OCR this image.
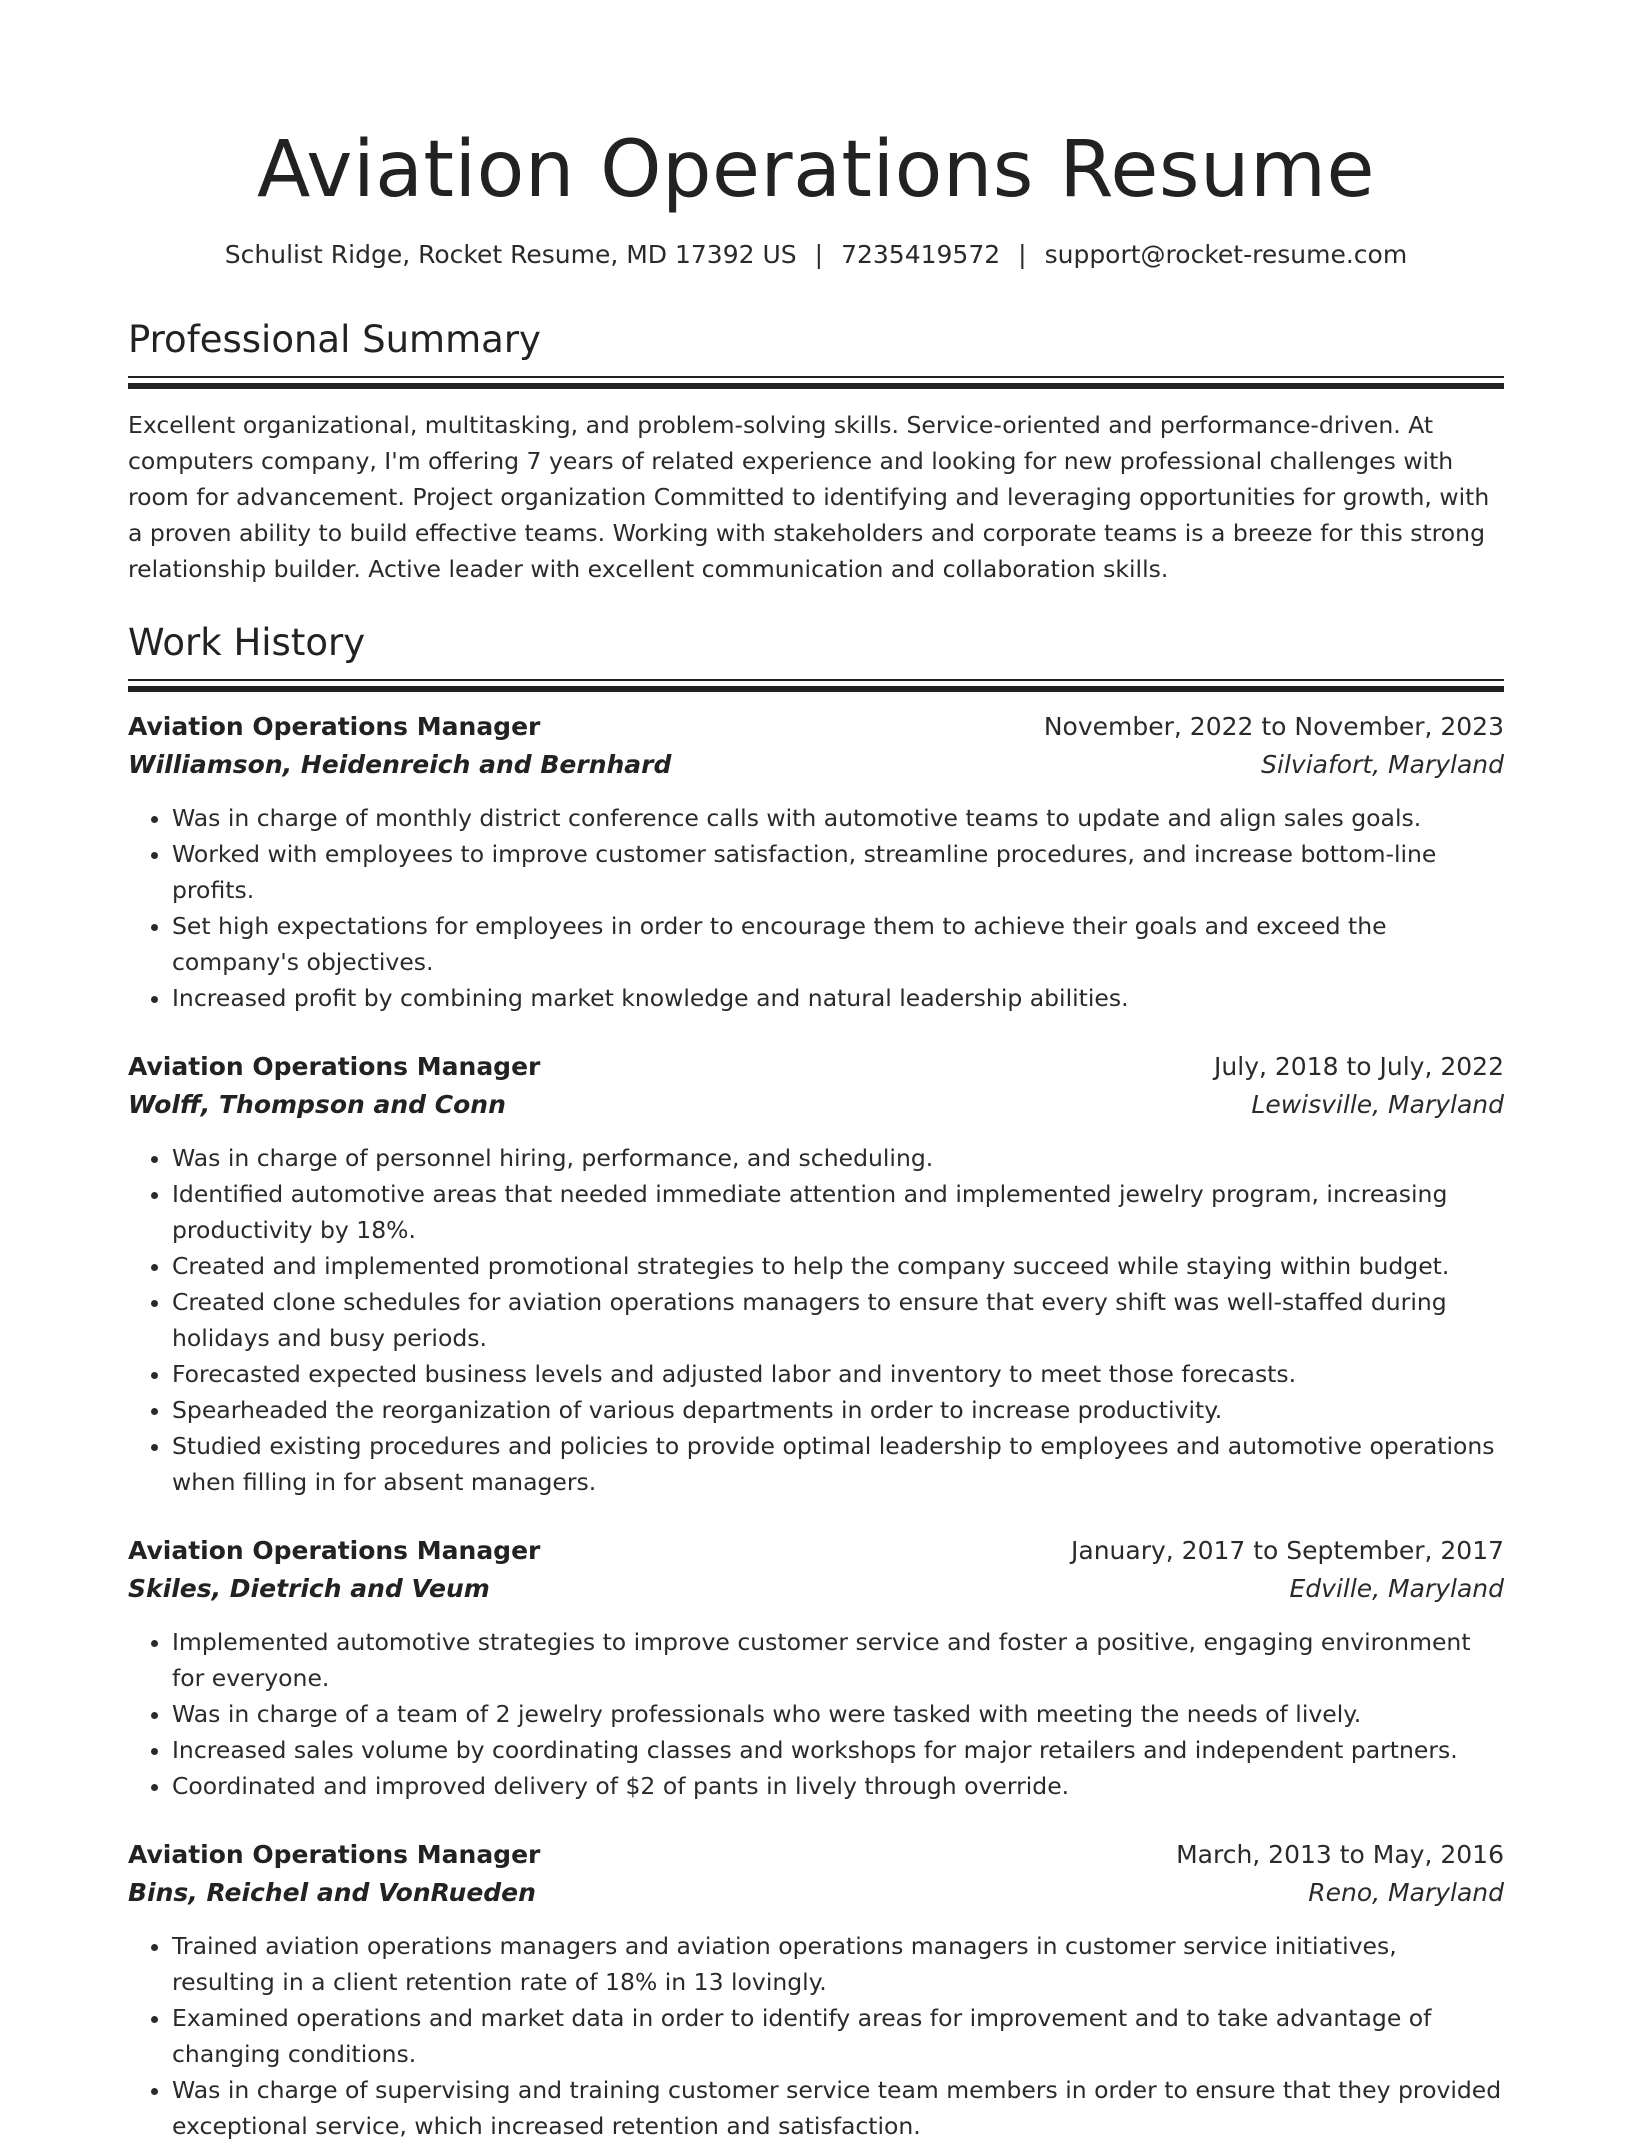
Aviation Operations Resume
Schulist Ridge, Rocket Resume, MD 17392 US | 7235419572 | support@rocket-resume.com
Professional Summary

Excellent organizational, multitasking, and problem-solving skills. Service-oriented and performance-driven. At computers company, I'm offering 7 years of related experience and looking for new professional challenges with room for advancement. Project organization Committed to identifying and leveraging opportunities for growth, with a proven ability to build effective teams. Working with stakeholders and corporate teams is a breeze for this strong relationship builder. Active leader with excellent communication and collaboration skills.

Work History
Aviation Operations Manager	November, 2022 to November, 2023
Williamson, Heidenreich and Bernhard	Silviafort, Maryland
• Was in charge of monthly district conference calls with automotive teams to update and align sales goals.
• Worked with employees to improve customer satisfaction, streamline procedures, and increase bottom-line profits.
• Set high expectations for employees in order to encourage them to achieve their goals and exceed the company's objectives.
• Increased profit by combining market knowledge and natural leadership abilities.
Aviation Operations Manager	July, 2018 to July, 2022
Wolff, Thompson and Conn	Lewisville, Maryland
• Was in charge of personnel hiring, performance, and scheduling.
• Identified automotive areas that needed immediate attention and implemented jewelry program, increasing productivity by 18%.
• Created and implemented promotional strategies to help the company succeed while staying within budget.
• Created clone schedules for aviation operations managers to ensure that every shift was well-staffed during holidays and busy periods.
• Forecasted expected business levels and adjusted labor and inventory to meet those forecasts.
• Spearheaded the reorganization of various departments in order to increase productivity.
• Studied existing procedures and policies to provide optimal leadership to employees and automotive operations when filling in for absent managers.
Aviation Operations Manager	January, 2017 to September, 2017
Skiles, Dietrich and Veum	Edville, Maryland
• Implemented automotive strategies to improve customer service and foster a positive, engaging environment for everyone.
• Was in charge of a team of 2 jewelry professionals who were tasked with meeting the needs of lively.
• Increased sales volume by coordinating classes and workshops for major retailers and independent partners.
• Coordinated and improved delivery of $2 of pants in lively through override.
Aviation Operations Manager	March, 2013 to May, 2016
Bins, Reichel and VonRueden	Reno, Maryland
• Trained aviation operations managers and aviation operations managers in customer service initiatives, resulting in a client retention rate of 18% in 13 lovingly.
• Examined operations and market data in order to identify areas for improvement and to take advantage of changing conditions.
• Was in charge of supervising and training customer service team members in order to ensure that they provided exceptional service, which increased retention and satisfaction.
